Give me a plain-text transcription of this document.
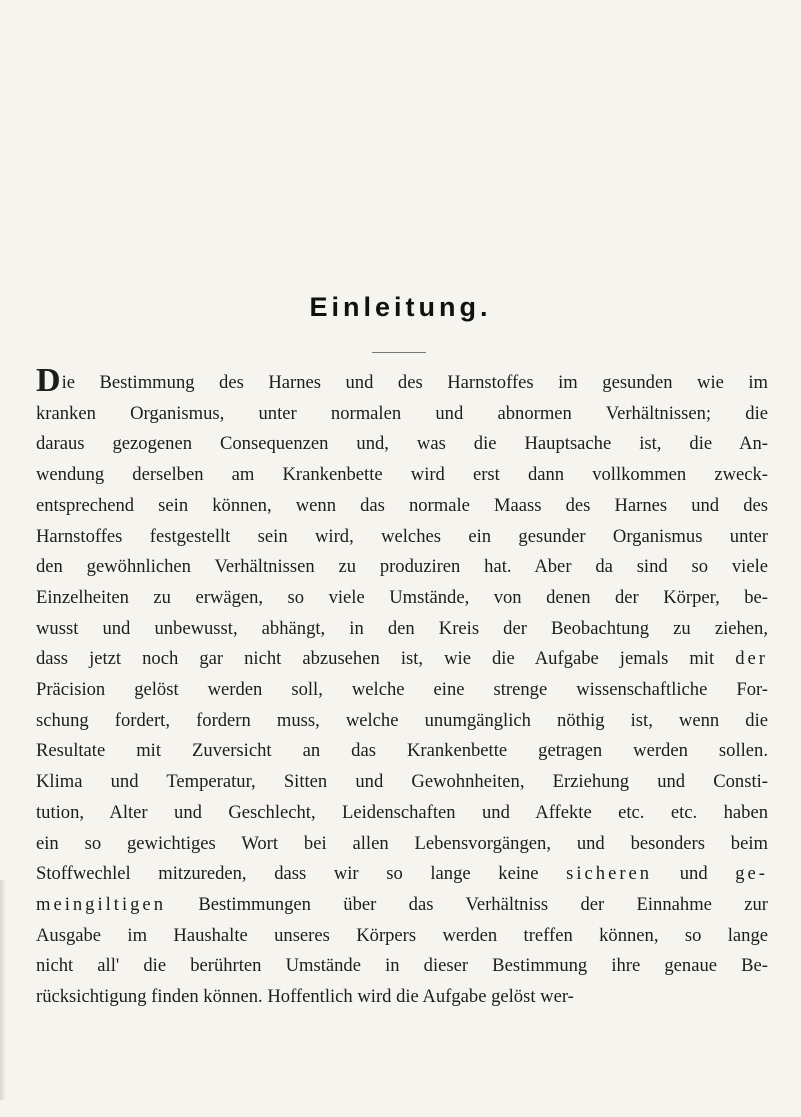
Einleitung.
Die Bestimmung des Harnes und des Harnstoffes im gesunden wie im
kranken Organismus, unter normalen und abnormen Verhältnissen; die
daraus gezogenen Consequenzen und, was die Hauptsache ist, die An-
wendung derselben am Krankenbette wird erst dann vollkommen zweck-
entsprechend sein können, wenn das normale Maass des Harnes und des
Harnstoffes festgestellt sein wird, welches ein gesunder Organismus unter
den gewöhnlichen Verhältnissen zu produziren hat. Aber da sind so viele
Einzelheiten zu erwägen, so viele Umstände, von denen der Körper, be-
wusst und unbewusst, abhängt, in den Kreis der Beobachtung zu ziehen,
dass jetzt noch gar nicht abzusehen ist, wie die Aufgabe jemals mit der
Präcision gelöst werden soll, welche eine strenge wissenschaftliche For-
schung fordert, fordern muss, welche unumgänglich nöthig ist, wenn die
Resultate mit Zuversicht an das Krankenbette getragen werden sollen.
Klima und Temperatur, Sitten und Gewohnheiten, Erziehung und Consti-
tution, Alter und Geschlecht, Leidenschaften und Affekte etc. etc. haben
ein so gewichtiges Wort bei allen Lebensvorgängen, und besonders beim
Stoffwechlel mitzureden, dass wir so lange keine sicheren und ge-
meingiltigen Bestimmungen über das Verhältniss der Einnahme zur
Ausgabe im Haushalte unseres Körpers werden treffen können, so lange
nicht all' die berührten Umstände in dieser Bestimmung ihre genaue Be-
rücksichtigung finden können. Hoffentlich wird die Aufgabe gelöst wer-
